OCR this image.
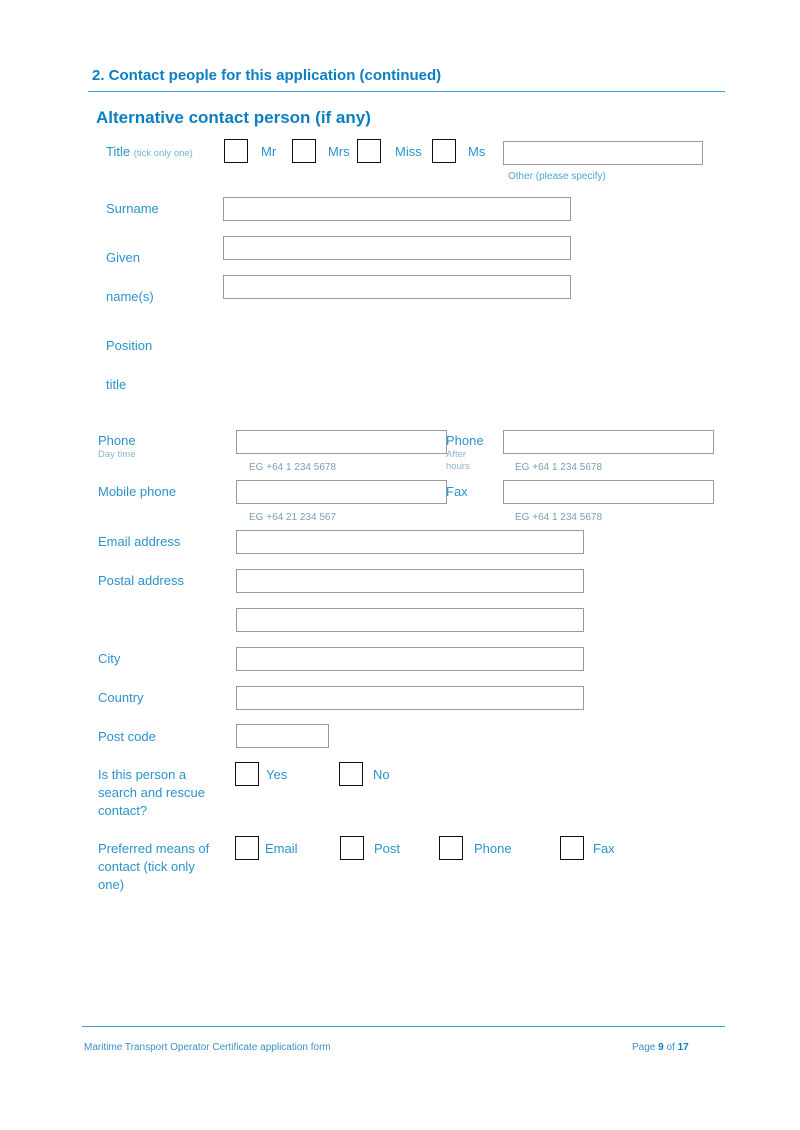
2. Contact people for this application (continued)
Alternative contact person (if any)
Title (tick only one)	Mr	Mrs	Miss	Ms
Other (please specify)
Surname
Given
name(s)
Position
title
Phone
Day time
EG +64 1 234 5678
Phone
After
hours	EG +64 1 234 5678
Mobile phone
EG +64 21 234 567
Fax
EG +64 1 234 5678
Email address
Postal address
City
Country
Post code
Is this person a search and rescue contact?
Yes	No
Preferred means of contact (tick only one)
Email	Post	Phone	Fax
Maritime Transport Operator Certificate application form	Page 9 of 17
